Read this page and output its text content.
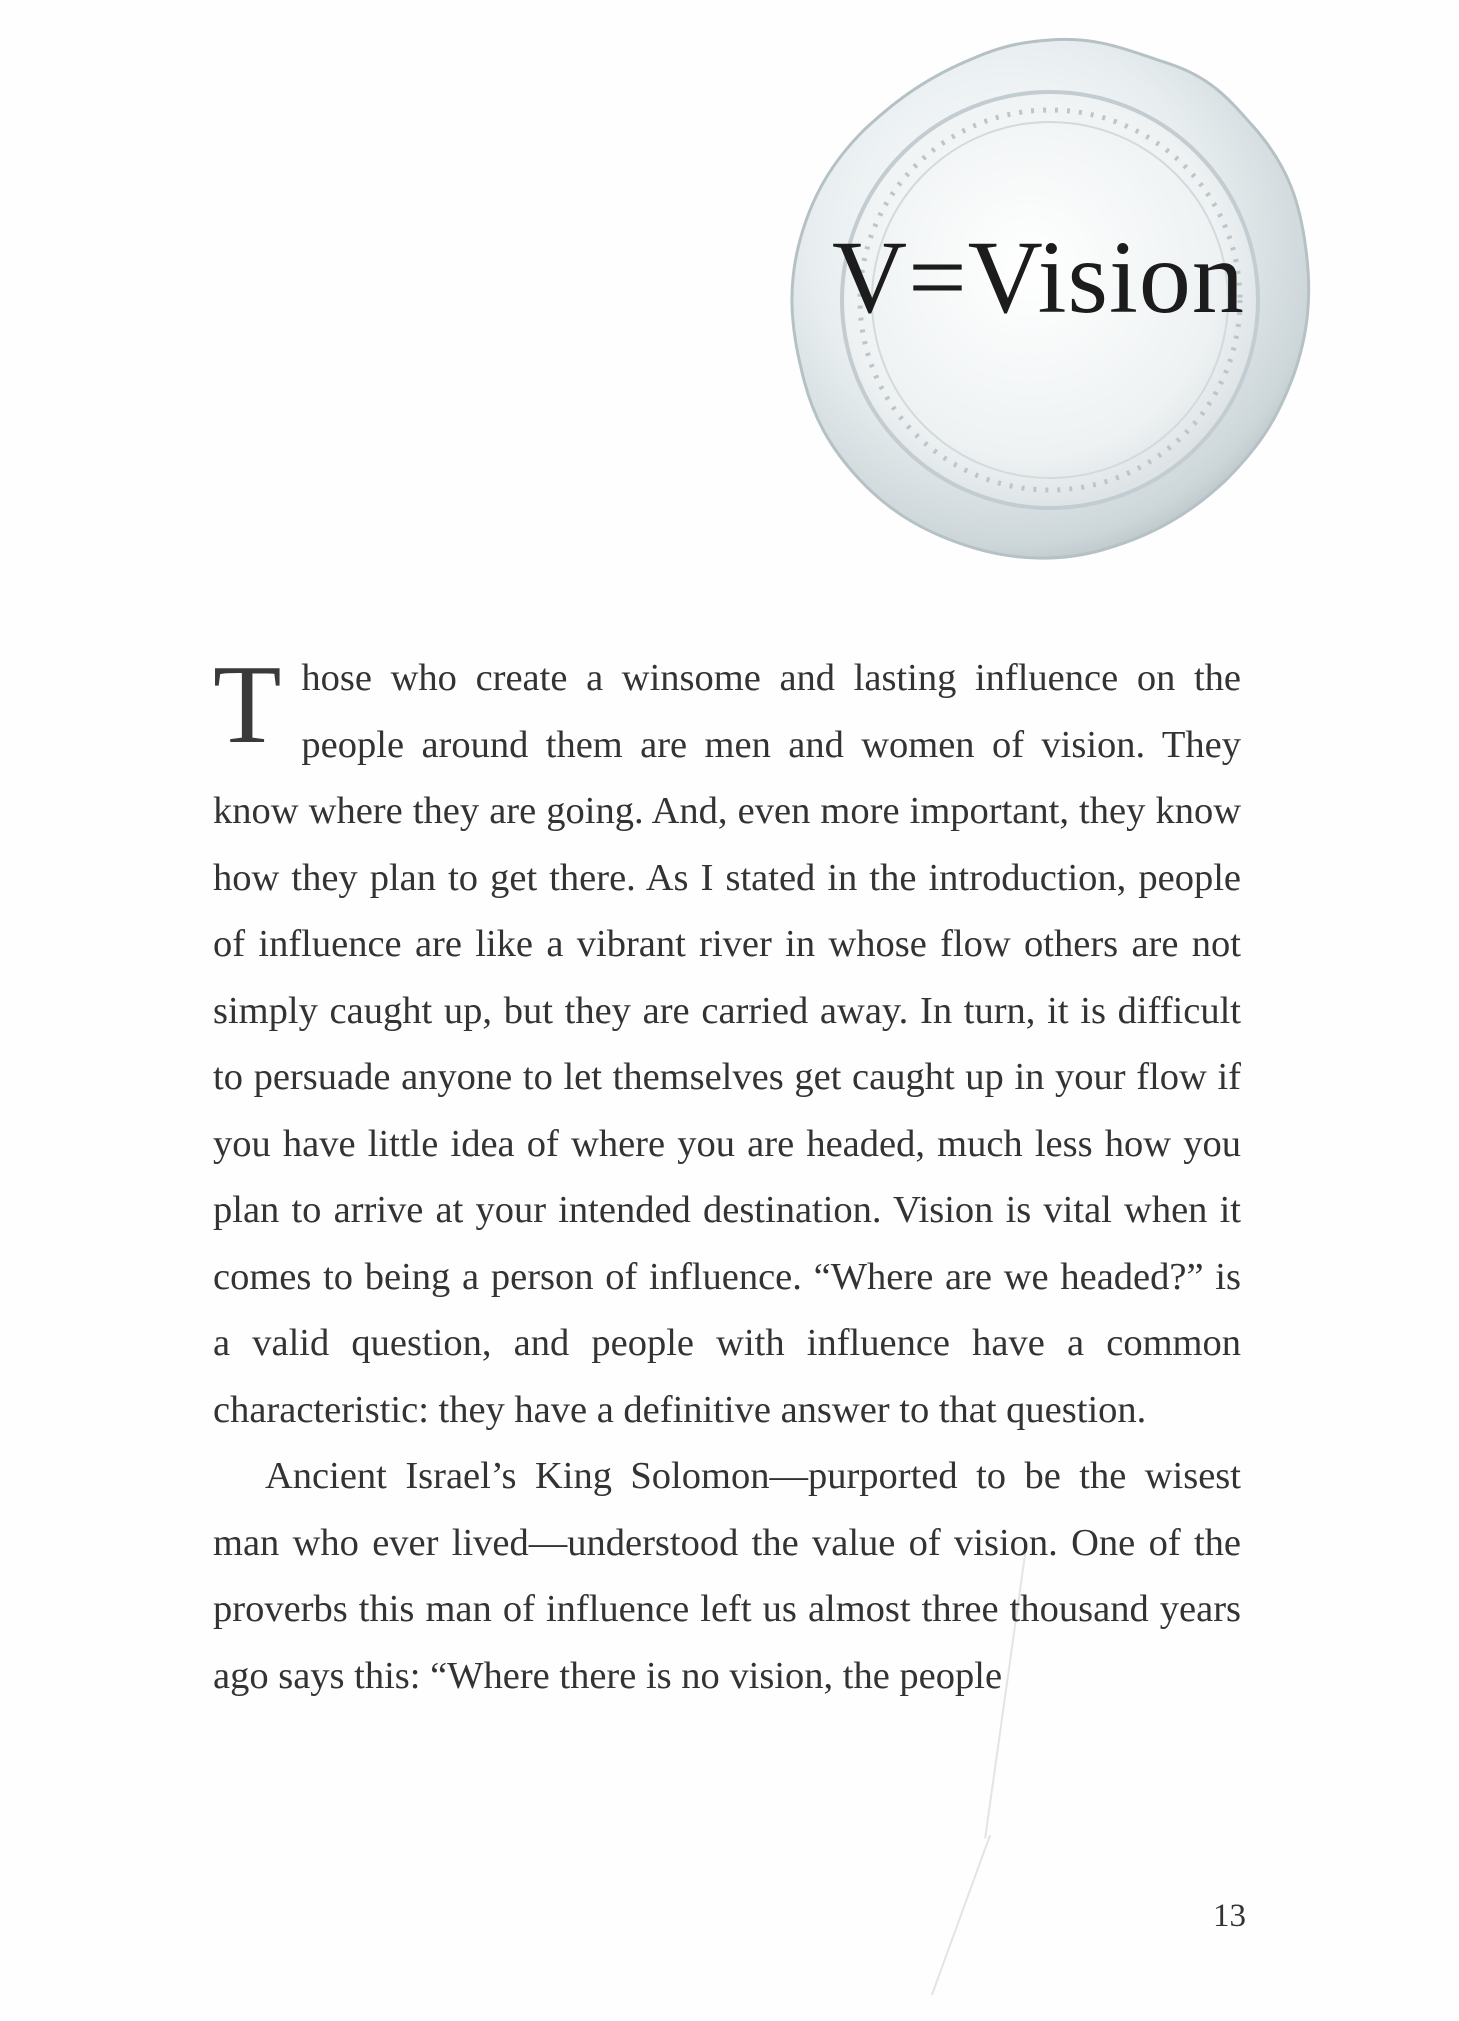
V=Vision

Those who create a winsome and lasting influence on the people around them are men and women of vision. They know where they are going. And, even more important, they know how they plan to get there. As I stated in the introduction, people of influence are like a vibrant river in whose flow others are not simply caught up, but they are carried away. In turn, it is difficult to persuade anyone to let themselves get caught up in your flow if you have little idea of where you are headed, much less how you plan to arrive at your intended destination. Vision is vital when it comes to being a person of influence. “Where are we headed?” is a valid question, and people with influence have a common characteristic: they have a definitive answer to that question.

Ancient Israel’s King Solomon—purported to be the wisest man who ever lived—understood the value of vision. One of the proverbs this man of influence left us almost three thousand years ago says this: “Where there is no vision, the people

13
